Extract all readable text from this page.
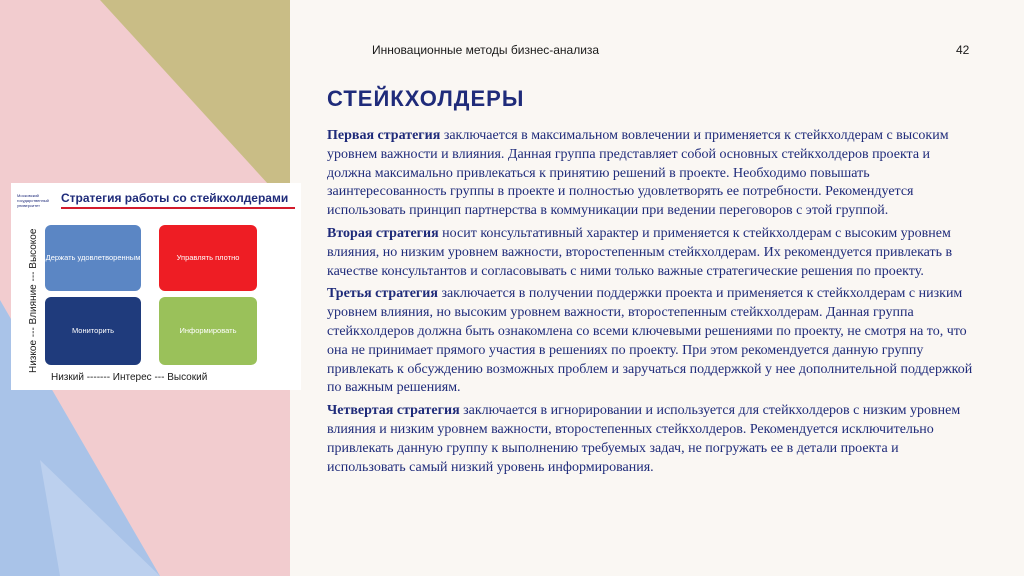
Инновационные методы бизнес-анализа	42
СТЕЙКХОЛДЕРЫ

Первая стратегия заключается в максимальном вовлечении и применяется к стейкхолдерам с высоким уровнем важности и влияния. Данная группа представляет собой основных стейкхолдеров проекта и должна максимально привлекаться к принятию решений в проекте. Необходимо повышать заинтересованность группы в проекте и полностью удовлетворять ее потребности. Рекомендуется использовать принцип партнерства в коммуникации при ведении переговоров с этой группой.

Вторая стратегия носит консультативный характер и применяется к стейкхолдерам с высоким уровнем влияния, но низким уровнем важности, второстепенным стейкхолдерам. Их рекомендуется привлекать в качестве консультантов и согласовывать с ними только важные стратегические решения по проекту.

Третья стратегия заключается в получении поддержки проекта и применяется к стейкхолдерам с низким уровнем влияния, но высоким уровнем важности, второстепенным стейкхолдерам. Данная группа стейкхолдеров должна быть ознакомлена со всеми ключевыми решениями по проекту, не смотря на то, что она не принимает прямого участия в решениях по проекту. При этом рекомендуется данную группу привлекать к обсуждению возможных проблем и заручаться поддержкой у нее дополнительной поддержкой по важным решениям.

Четвертая стратегия заключается в игнорировании и используется для стейкхолдеров с низким уровнем влияния и низким уровнем важности, второстепенных стейкхолдеров. Рекомендуется исключительно привлекать данную группу к выполнению требуемых задач, не погружать ее в детали проекта и использовать самый низкий уровень информирования.

Московский государственный университет
Стратегия работы со стейкхолдерами
Низкое --- Влияние --- Высокое Держать удовлетворенным	Управлять плотно
Мониторить	Информировать
Низкий ------- Интерес --- Высокий
